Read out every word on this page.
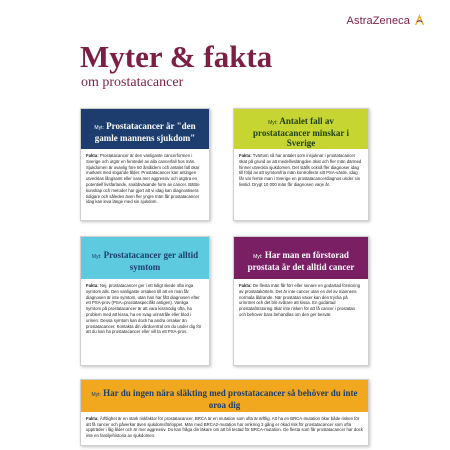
AstraZeneca
Myter & fakta

om prostatacancer

Myt: Prostatacancer är "den gamle mannens sjukdom"
Fakta: Prostatacancer är den vanligaste cancerformen i Sverige och utgör en femtedel av alla cancerfall hos män. Sjukdomen är ovanlig före 50 årsåldern och antalet fall ökar markant med stigande ålder. Prostatacancer kan antingen utvecklas långsamt eller vara mer aggressiv och utgöra en potentiell livsfarlande, snabbväxande form av cancer. Bättre kunskap och metoder har gjort att vi idag kan diagnostisera tidigare och således även fler yngre män får prostatacancer idag kan leva länge med sin sjukdom.
Myt: Antalet fall av prostatacancer minskar i Sverige
Fakta: Tvärtom så har antalet som insjuknar i prostatacancer ökat på grund av att medellivslängden ökat och fler män därmed hinner utveckla sjukdomen. Det ställs också fler diagnoser idag till följd av att symtomfria män kontrollerar sitt PSA-värde. Idag får var femte man i Sverige en prostatacancerdiagnos under sin livstid. Drygt 10 000 män får diagnosen varje år.
Myt: Prostatacancer ger alltid symtom
Fakta: Nej, prostatacancer ger i ett tidigt skede ofta inga symtom alls. Den vanligaste orsaken till att en man får diagnosen är inte symtom, utan han har fått diagnosen efter ett PSA-prov (PSA=prostataspecifikt antigen). Vanliga symtom på prostatacancer är att vara kissnödig ofta, ha problem med att kissa, ha en svag urinstråle eller blod i urinen. Dessa symtom kan dock ha andra orsaker än prostatacancer. Kontakta din vårdcentral om du under dig för att du kan ha prostatacancer eller vill ta ett PSA-prov.
Myt: Har man en förstorad prostata är det alltid cancer
Fakta: De flesta män får förr eller senare en godartad förstoring av prostatakörteln. Det är inte cancer utan en del av mannens normala åldrande. När prostatan växer kan den trycka på urinröret och det blir svårare att kissa. En godartad prostataförstoring ökar inte risken för att få cancer i prostatan och behöver bara behandlas om den ger besvär.
Myt: Har du ingen nära släkting med prostatacancer så behöver du inte oroa dig
Fakta: Ärftlighet är en stark riskfaktor för prostatacancer, BRCA är en mutation som ofta är ärftlig. Att ha en BRCA-mutation ökar både risken för att få cancer och påverkar även sjukdomsförloppet. Män med BRCA2-mutation har omkring 3 gång er ökad risk för prostatacancer som ofta uppträder i låg ålder och är mer aggressiv. Du kan fråga din läkare om att bli testad för BRCA-mutation. De flesta som får prostatacancer har dock inte en familjehistoria av sjukdomen.
